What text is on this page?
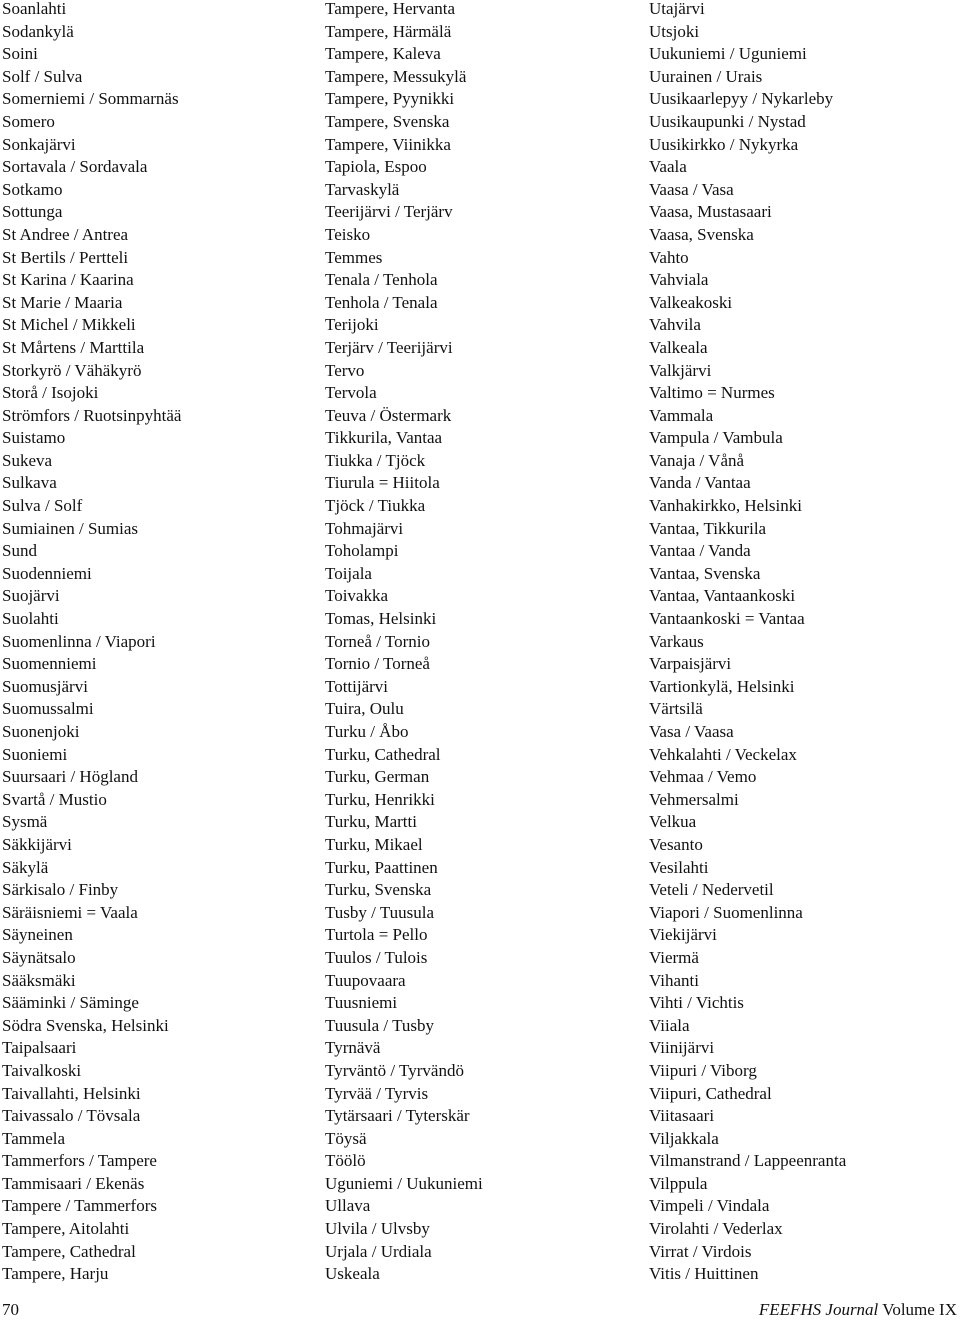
Soanlahti
Sodankylä
Soini
Solf / Sulva
Somerniemi / Sommarnäs
Somero
Sonkajärvi
Sortavala / Sordavala
Sotkamo
Sottunga
St Andree / Antrea
St Bertils / Pertteli
St Karina / Kaarina
St Marie / Maaria
St Michel / Mikkeli
St Mårtens / Marttila
Storkyrö / Vähäkyrö
Storå / Isojoki
Strömfors / Ruotsinpyhtää
Suistamo
Sukeva
Sulkava
Sulva / Solf
Sumiainen / Sumias
Sund
Suodenniemi
Suojärvi
Suolahti
Suomenlinna / Viapori
Suomenniemi
Suomusjärvi
Suomussalmi
Suonenjoki
Suoniemi
Suursaari / Högland
Svartå / Mustio
Sysmä
Säkkijärvi
Säkylä
Särkisalo / Finby
Säräisniemi = Vaala
Säyneinen
Säynätsalo
Sääksmäki
Sääminki / Säminge
Södra Svenska, Helsinki
Taipalsaari
Taivalkoski
Taivallahti, Helsinki
Taivassalo / Tövsala
Tammela
Tammerfors / Tampere
Tammisaari / Ekenäs
Tampere / Tammerfors
Tampere, Aitolahti
Tampere, Cathedral
Tampere, Harju
Tampere, Hervanta
Tampere, Härmälä
Tampere, Kaleva
Tampere, Messukylä
Tampere, Pyynikki
Tampere, Svenska
Tampere, Viinikka
Tapiola, Espoo
Tarvaskylä
Teerijärvi / Terjärv
Teisko
Temmes
Tenala / Tenhola
Tenhola / Tenala
Terijoki
Terjärv / Teerijärvi
Tervo
Tervola
Teuva / Östermark
Tikkurila, Vantaa
Tiukka / Tjöck
Tiurula = Hiitola
Tjöck / Tiukka
Tohmajärvi
Toholampi
Toijala
Toivakka
Tomas, Helsinki
Torneå / Tornio
Tornio / Torneå
Tottijärvi
Tuira, Oulu
Turku / Åbo
Turku, Cathedral
Turku, German
Turku, Henrikki
Turku, Martti
Turku, Mikael
Turku, Paattinen
Turku, Svenska
Tusby / Tuusula
Turtola = Pello
Tuulos / Tulois
Tuupovaara
Tuusniemi
Tuusula / Tusby
Tyrnävä
Tyrväntö / Tyrvändö
Tyrvää / Tyrvis
Tytärsaari / Tyterskär
Töysä
Töölö
Uguniemi / Uukuniemi
Ullava
Ulvila / Ulvsby
Urjala / Urdiala
Uskeala
Utajärvi
Utsjoki
Uukuniemi / Uguniemi
Uurainen / Urais
Uusikaarlepyy / Nykarleby
Uusikaupunki / Nystad
Uusikirkko / Nykyrka
Vaala
Vaasa / Vasa
Vaasa, Mustasaari
Vaasa, Svenska
Vahto
Vahviala
Valkeakoski
Vahvila
Valkeala
Valkjärvi
Valtimo = Nurmes
Vammala
Vampula / Vambula
Vanaja / Vånå
Vanda / Vantaa
Vanhakirkko, Helsinki
Vantaa, Tikkurila
Vantaa / Vanda
Vantaa, Svenska
Vantaa, Vantaankoski
Vantaankoski = Vantaa
Varkaus
Varpaisjärvi
Vartionkylä, Helsinki
Värtsilä
Vasa / Vaasa
Vehkalahti / Veckelax
Vehmaa / Vemo
Vehmersalmi
Velkua
Vesanto
Vesilahti
Veteli / Nedervetil
Viapori / Suomenlinna
Viekijärvi
Viermä
Vihanti
Vihti / Vichtis
Viiala
Viinijärvi
Viipuri / Viborg
Viipuri, Cathedral
Viitasaari
Viljakkala
Vilmanstrand / Lappeenranta
Vilppula
Vimpeli / Vindala
Virolahti / Vederlax
Virrat / Virdois
Vitis / Huittinen
70	FEEFHS Journal Volume IX
